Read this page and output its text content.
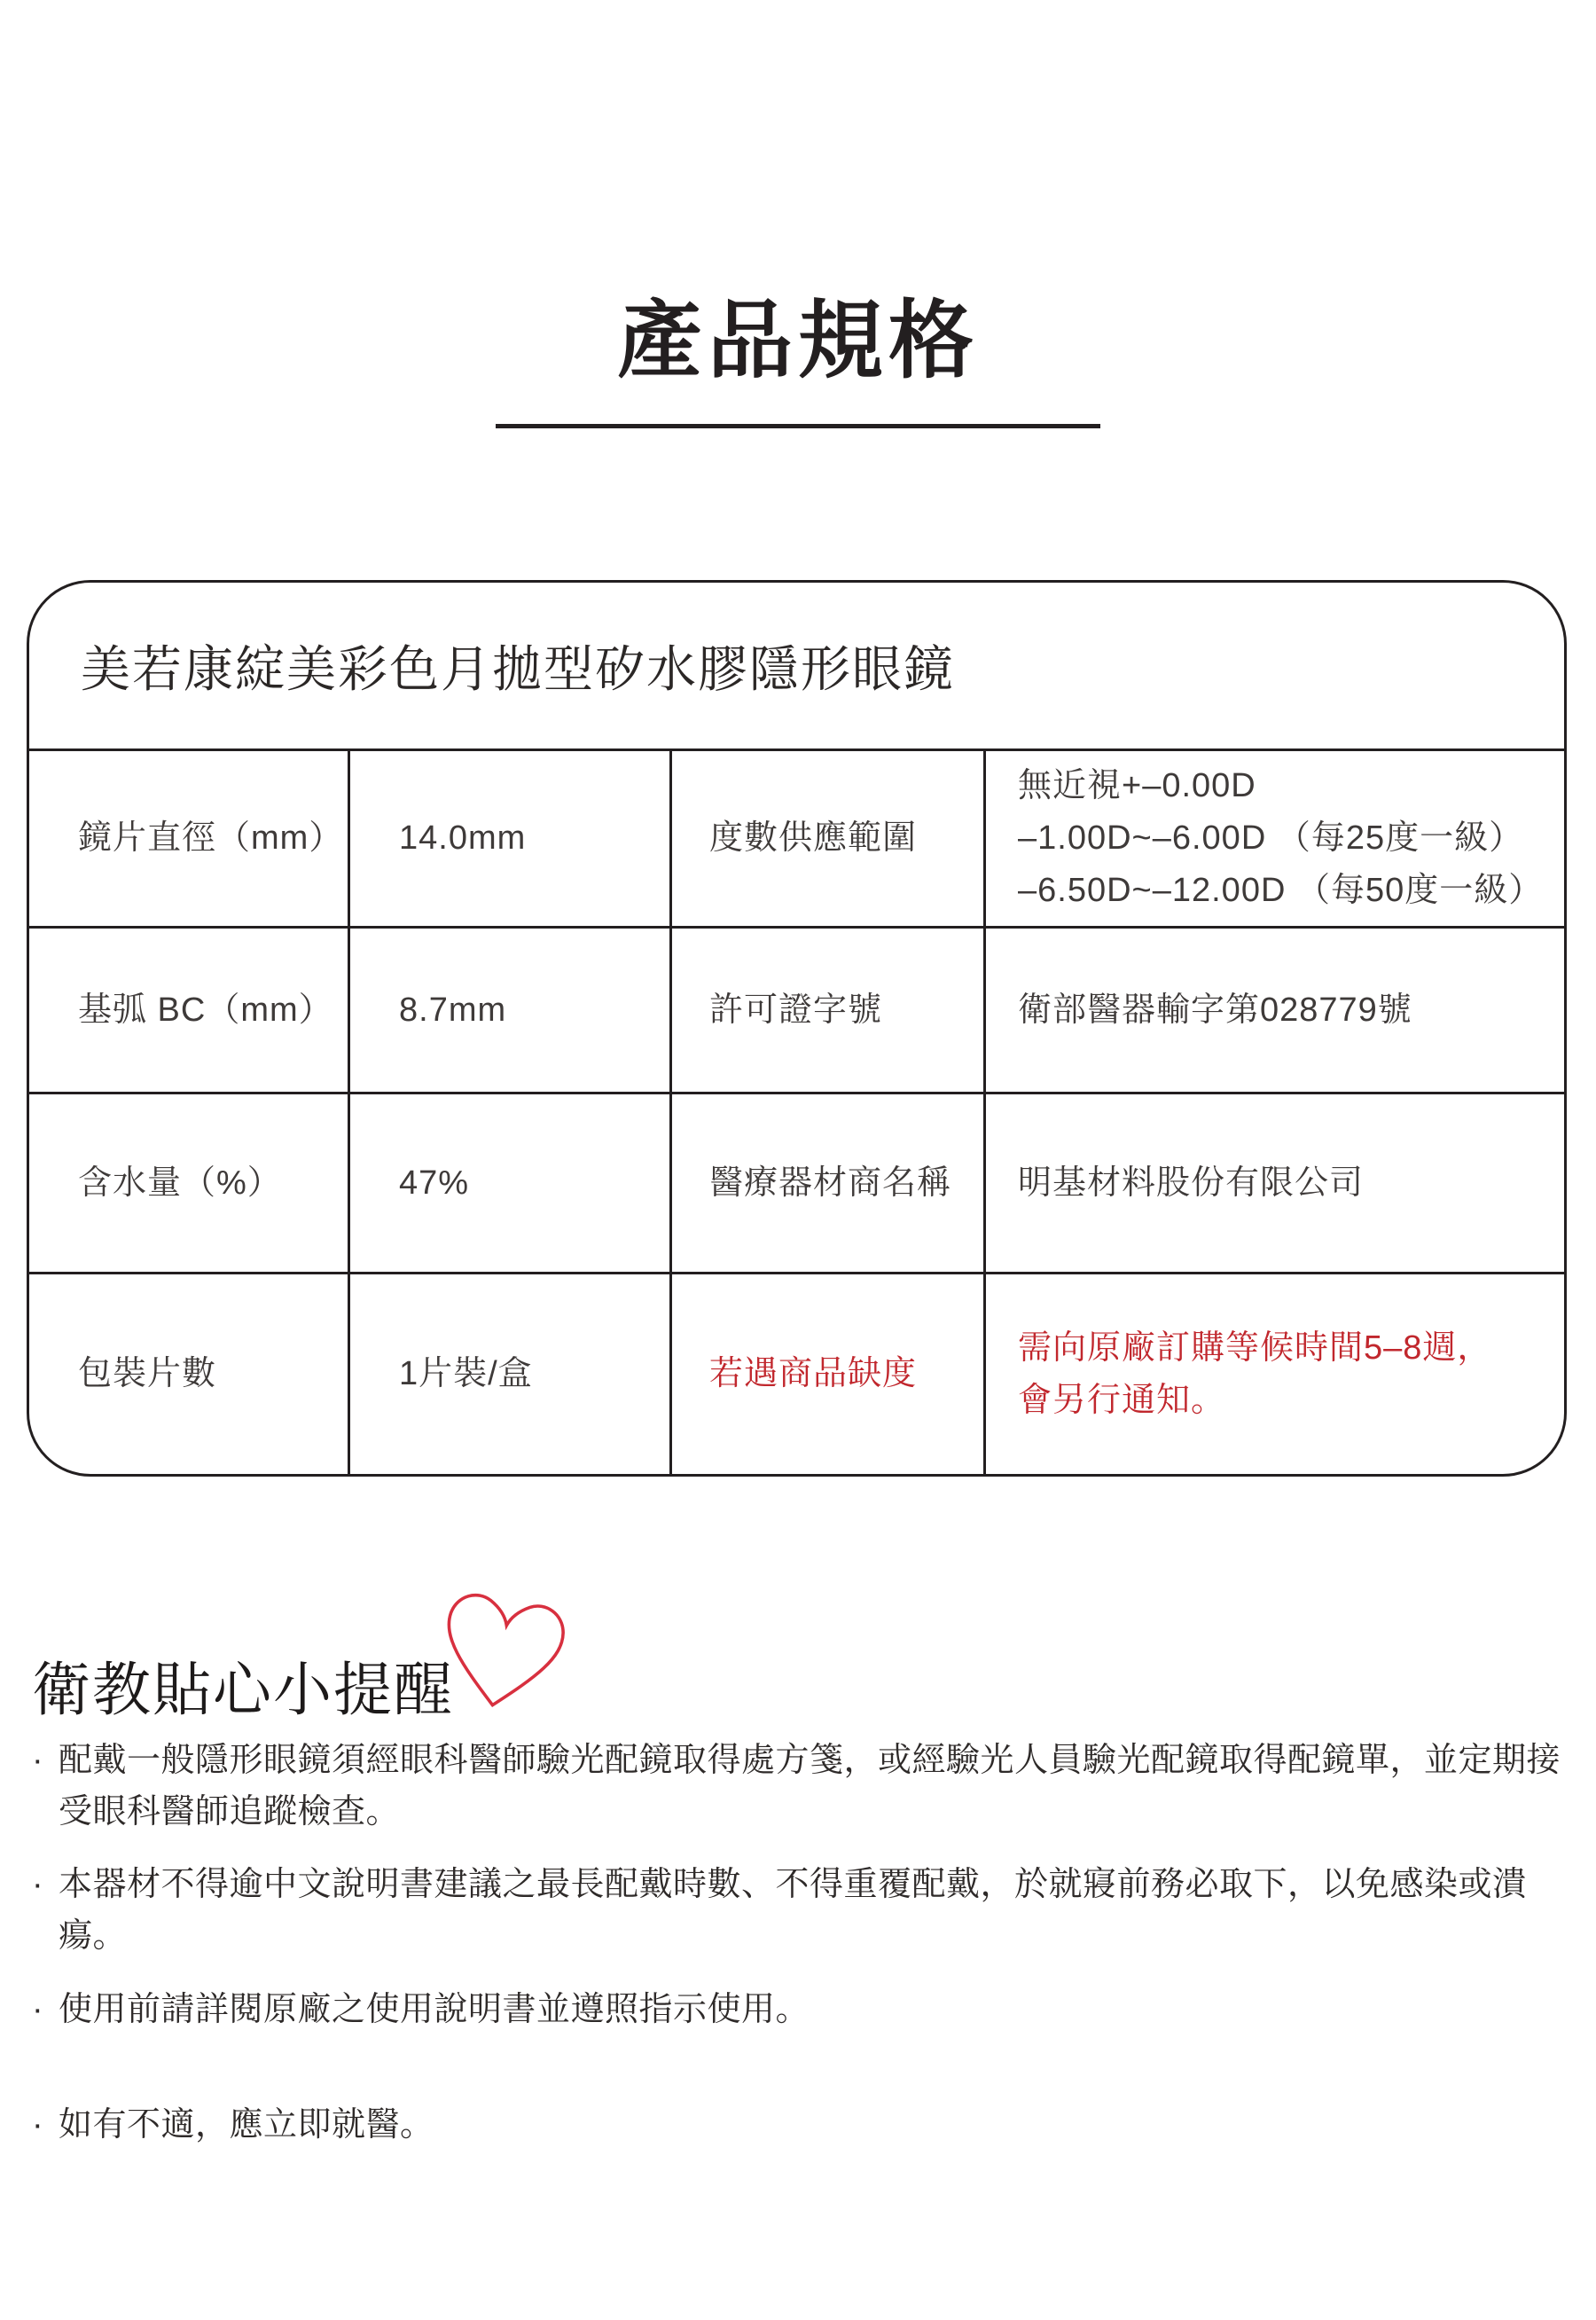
產品規格
美若康綻美彩色月拋型矽水膠隱形眼鏡
鏡片直徑（mm）	14.0mm	度數供應範圍
無近視+–0.00D
–1.00D~–6.00D （每25度一級）
–6.50D~–12.00D （每50度一級）
基弧 BC（mm）	8.7mm	許可證字號	衛部醫器輸字第028779號
含水量（%）	47%	醫療器材商名稱	明基材料股份有限公司
包裝片數	1片裝/盒	若遇商品缺度
需向原廠訂購等候時間5–8週，
會另行通知。
衛教貼心小提醒
· 配戴一般隱形眼鏡須經眼科醫師驗光配鏡取得處方箋，或經驗光人員驗光配鏡取得配鏡單，並定期接受眼科醫師追蹤檢查。
· 本器材不得逾中文說明書建議之最長配戴時數、不得重覆配戴，於就寢前務必取下，以免感染或潰瘍。
· 使用前請詳閱原廠之使用說明書並遵照指示使用。
· 如有不適，應立即就醫。
